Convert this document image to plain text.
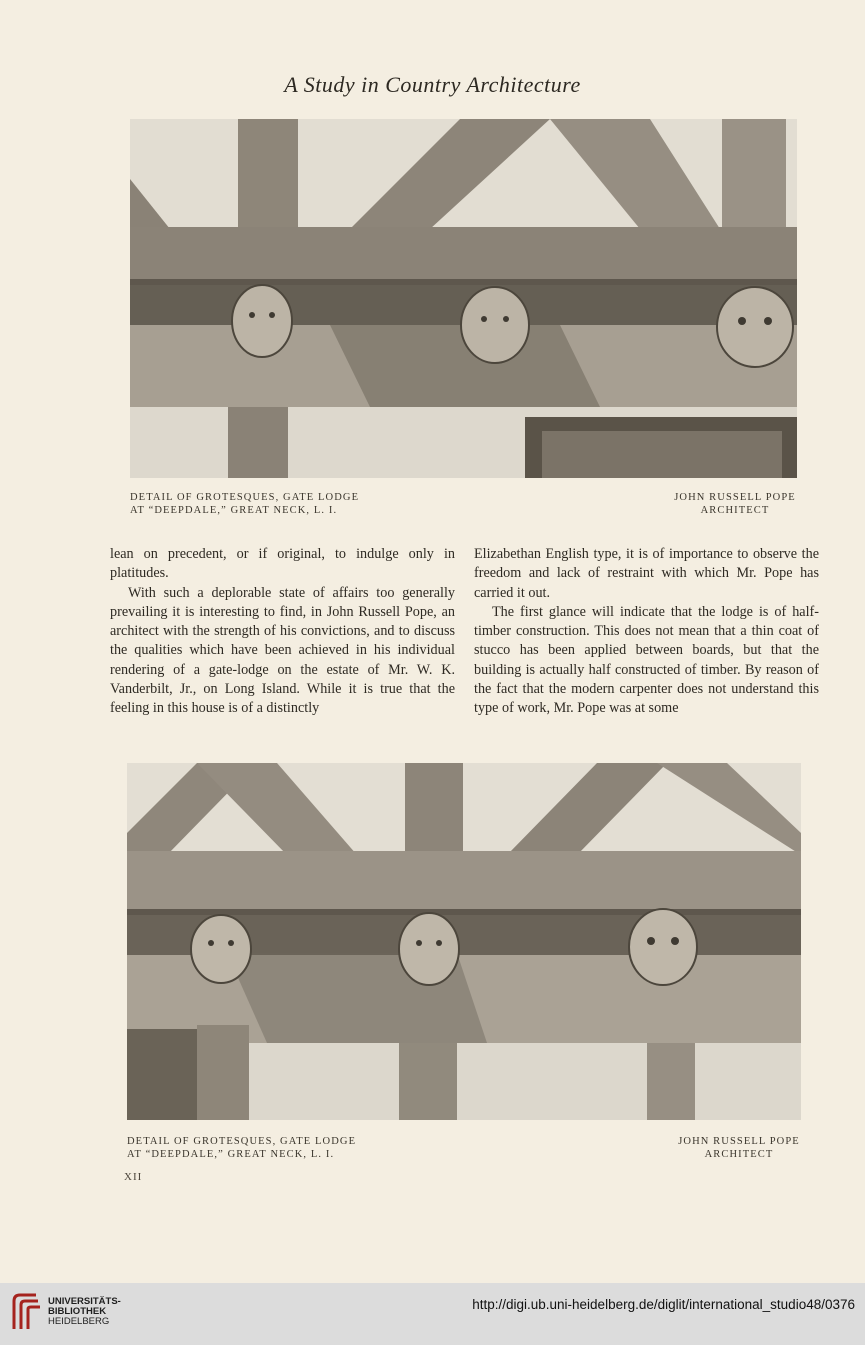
A Study in Country Architecture
DETAIL OF GROTESQUES, GATE LODGE
AT “DEEPDALE,” GREAT NECK, L. I.
JOHN RUSSELL POPE
ARCHITECT

lean on precedent, or if original, to indulge only in platitudes.

With such a deplorable state of affairs too generally prevailing it is interesting to find, in John Russell Pope, an architect with the strength of his convictions, and to discuss the qualities which have been achieved in his individual rendering of a gate-lodge on the estate of Mr. W. K. Vanderbilt, Jr., on Long Island. While it is true that the feeling in this house is of a distinctly

Elizabethan English type, it is of importance to observe the freedom and lack of restraint with which Mr. Pope has carried it out.

The first glance will indicate that the lodge is of half-timber construction. This does not mean that a thin coat of stucco has been applied between boards, but that the building is actually half constructed of timber. By reason of the fact that the modern carpenter does not understand this type of work, Mr. Pope was at some

DETAIL OF GROTESQUES, GATE LODGE
AT “DEEPDALE,” GREAT NECK, L. I.
JOHN RUSSELL POPE
ARCHITECT
XII
UNIVERSITÄTS-
BIBLIOTHEK
HEIDELBERG
http://digi.ub.uni-heidelberg.de/diglit/international_studio48/0376
